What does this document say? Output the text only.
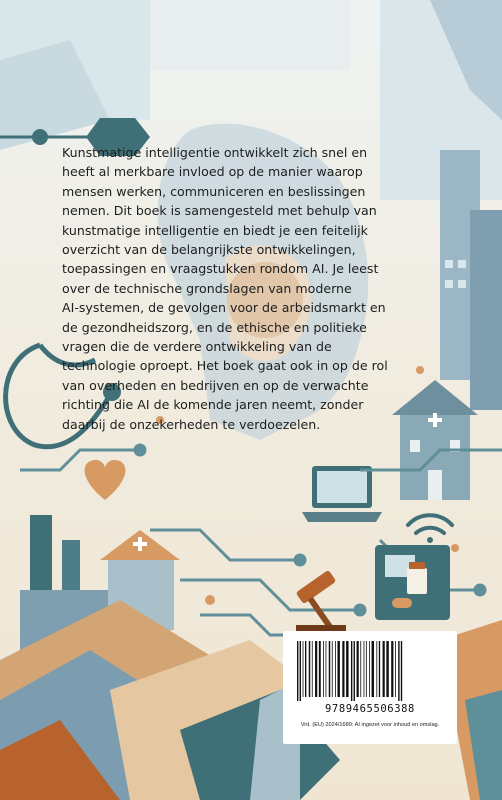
Kunstmatige intelligentie ontwikkelt zich snel en
heeft al merkbare invloed op de manier waarop
mensen werken, communiceren en beslissingen
nemen. Dit boek is samengesteld met behulp van
kunstmatige intelligentie en biedt je een feitelijk
overzicht van de belangrijkste ontwikkelingen,
toepassingen en vraagstukken rondom AI. Je leest
over de technische grondslagen van moderne
AI-systemen, de gevolgen voor de arbeidsmarkt en
de gezondheidszorg, en de ethische en politieke
vragen die de verdere ontwikkeling van de
technologie oproept. Het boek gaat ook in op de rol
van overheden en bedrijven en op de verwachte
richting die AI de komende jaren neemt, zonder
daarbij de onzekerheden te verdoezelen.

9789465506388
Vrd. (EU) 2024/1689: AI ingezet voor inhoud en omslag.
